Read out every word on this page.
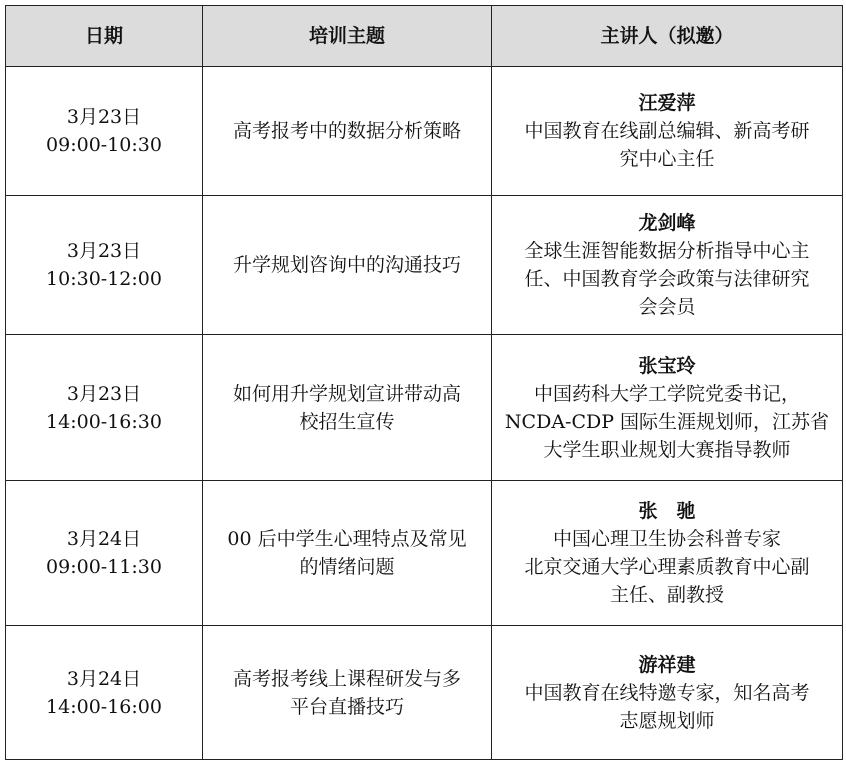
日期	培训主题	主讲人（拟邀）

3月23日
09:00-10:30	高考报考中的数据分析策略	汪爱萍
中国教育在线副总编辑、新高考研
究中心主任

3月23日
10:30-12:00	升学规划咨询中的沟通技巧	龙剑峰
全球生涯智能数据分析指导中心主
任、中国教育学会政策与法律研究
会会员

3月23日
14:00-16:30	如何用升学规划宣讲带动高
校招生宣传	张宝玲
中国药科大学工学院党委书记，
NCDA-CDP 国际生涯规划师，江苏省
大学生职业规划大赛指导教师

3月24日
09:00-11:30	00 后中学生心理特点及常见
的情绪问题	张　驰
中国心理卫生协会科普专家
北京交通大学心理素质教育中心副
主任、副教授

3月24日
14:00-16:00	高考报考线上课程研发与多
平台直播技巧	游祥建
中国教育在线特邀专家，知名高考
志愿规划师
